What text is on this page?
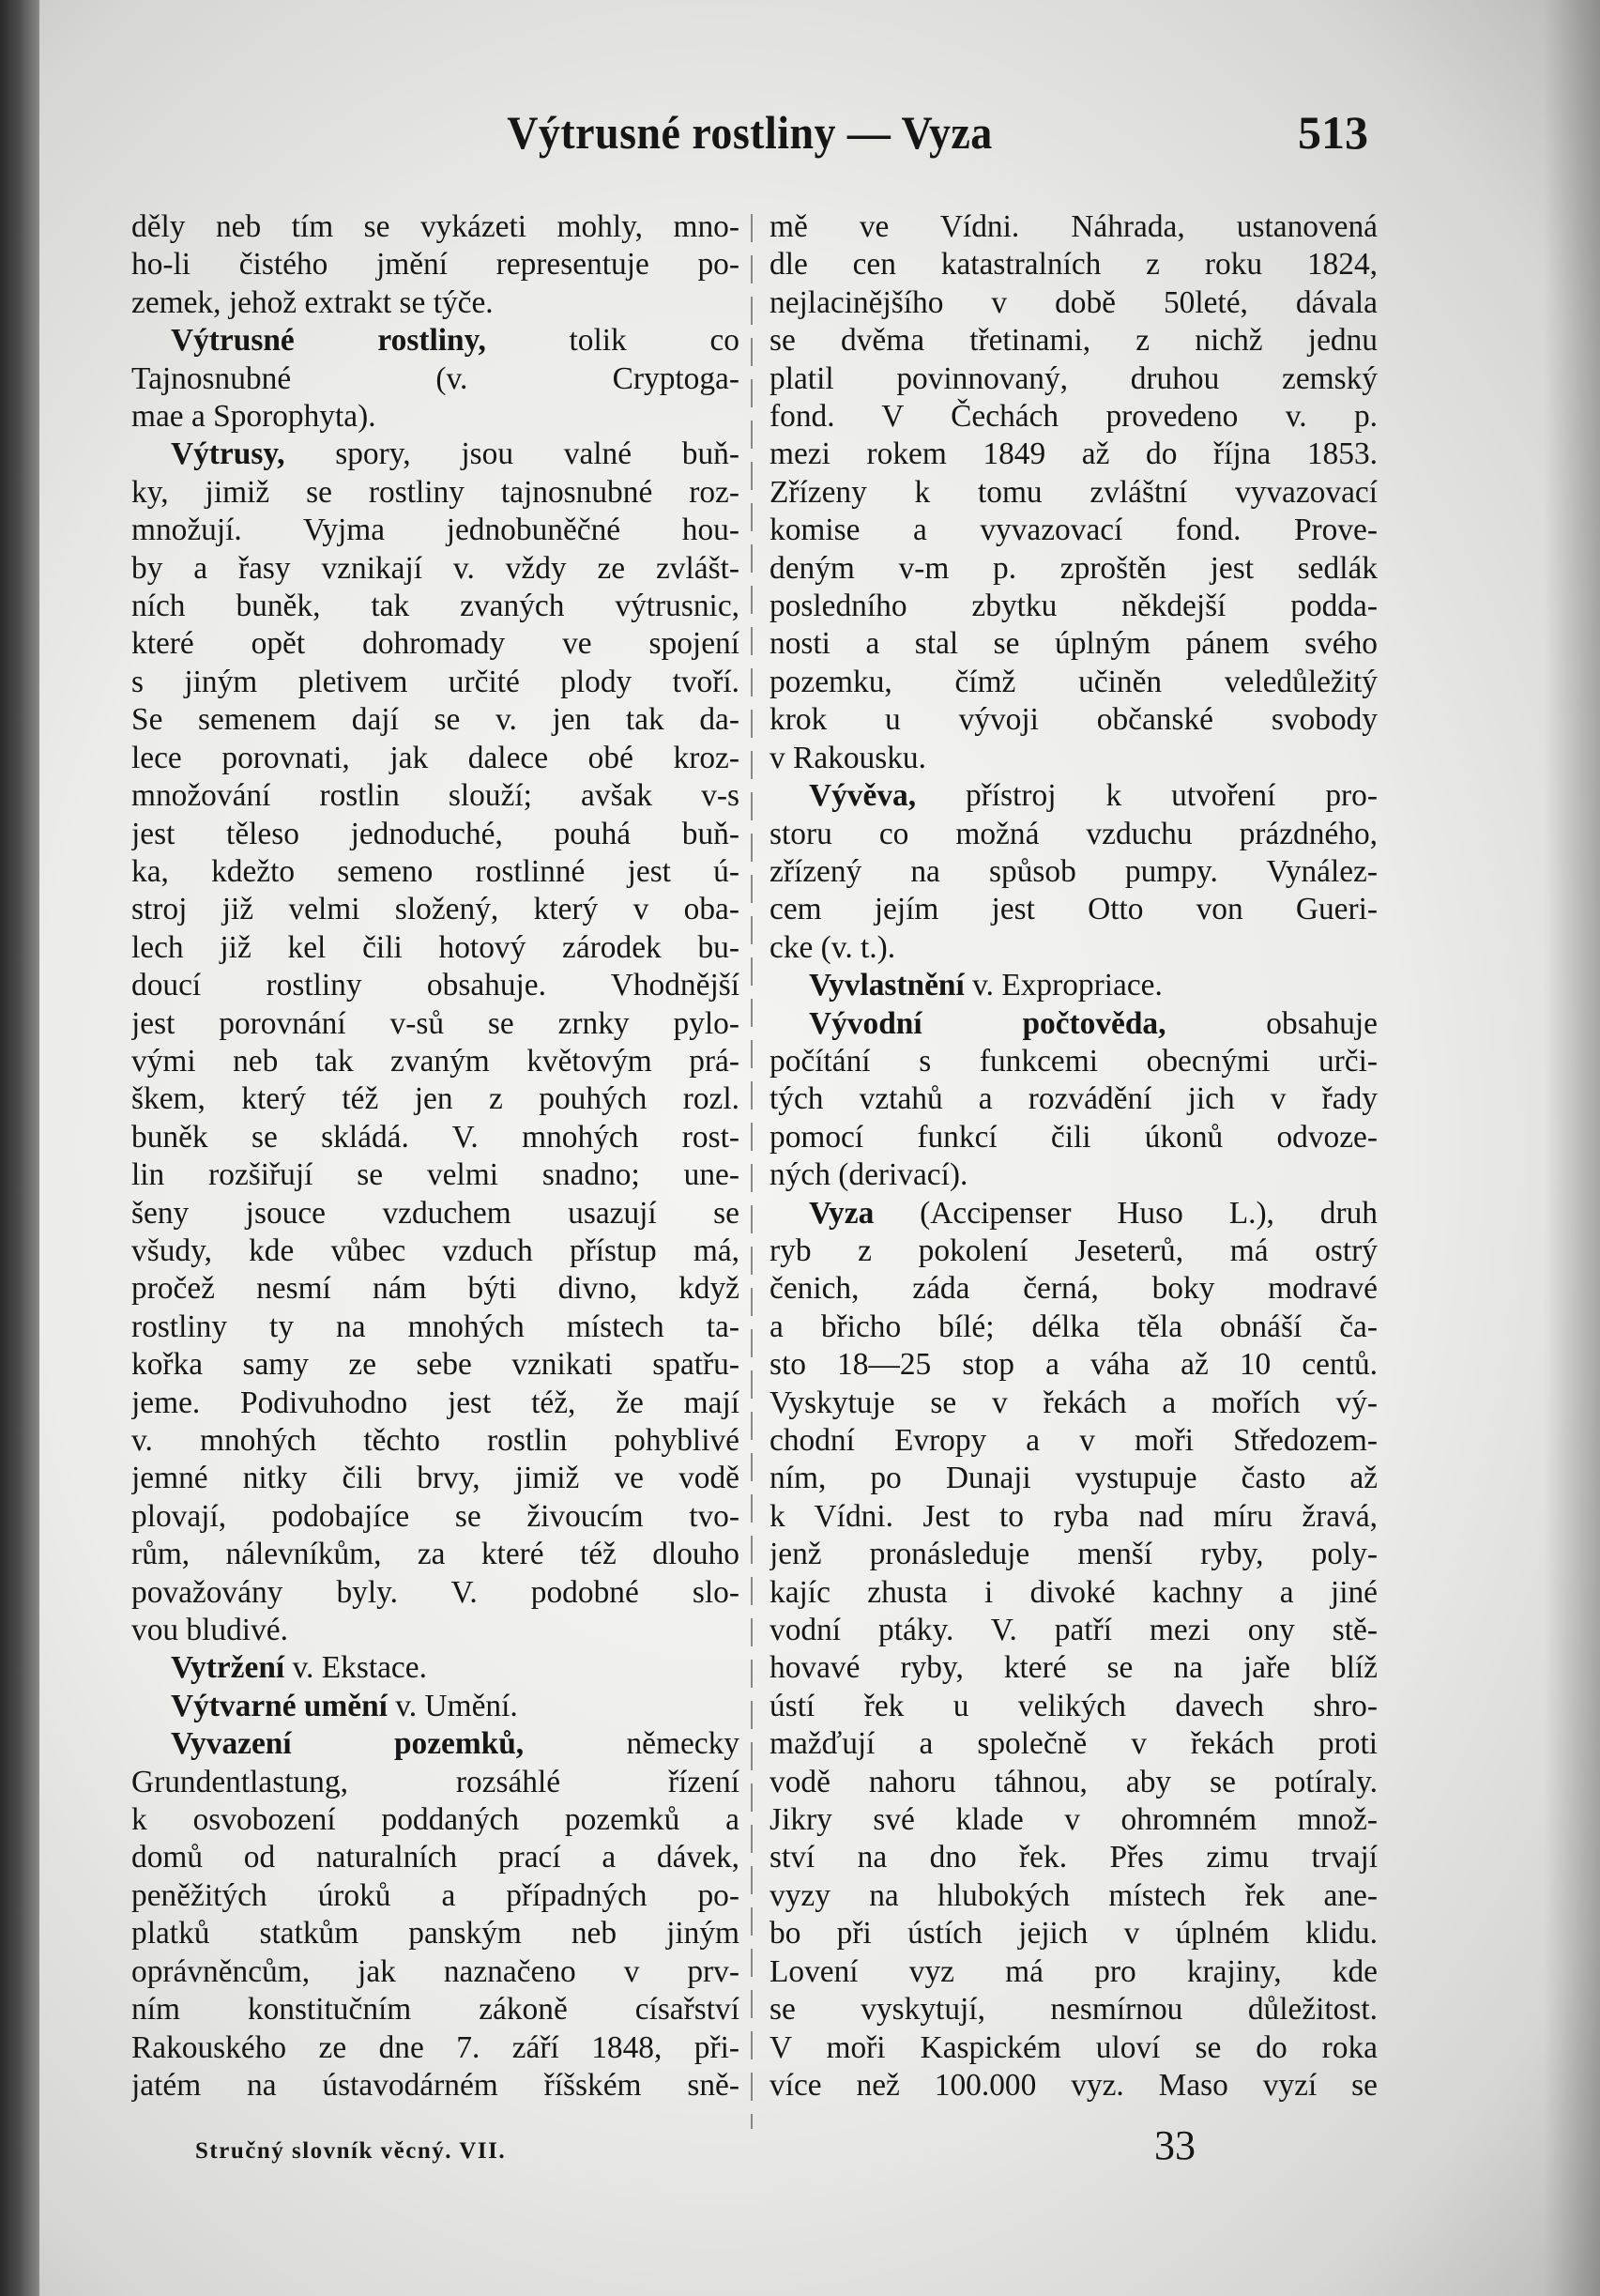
Výtrusné rostliny — Vyza	513
děly neb tím se vykázeti mohly, mno-
ho-li čistého jmění representuje po-
zemek, jehož extrakt se týče.
Výtrusné rostliny, tolik co
Tajnosnubné (v. Cryptoga-
mae a Sporophyta).
Výtrusy, spory, jsou valné buň-
ky, jimiž se rostliny tajnosnubné roz-
množují. Vyjma jednobuněčné hou-
by a řasy vznikají v. vždy ze zvlášt-
ních buněk, tak zvaných výtrusnic,
které opět dohromady ve spojení
s jiným pletivem určité plody tvoří.
Se semenem dají se v. jen tak da-
lece porovnati, jak dalece obé kroz-
množování rostlin slouží; avšak v-s
jest těleso jednoduché, pouhá buň-
ka, kdežto semeno rostlinné jest ú-
stroj již velmi složený, který v oba-
lech již kel čili hotový zárodek bu-
doucí rostliny obsahuje. Vhodnější
jest porovnání v-sů se zrnky pylo-
vými neb tak zvaným květovým prá-
škem, který též jen z pouhých rozl.
buněk se skládá. V. mnohých rost-
lin rozšiřují se velmi snadno; une-
šeny jsouce vzduchem usazují se
všudy, kde vůbec vzduch přístup má,
pročež nesmí nám býti divno, když
rostliny ty na mnohých místech ta-
kořka samy ze sebe vznikati spatřu-
jeme. Podivuhodno jest též, že mají
v. mnohých těchto rostlin pohyblivé
jemné nitky čili brvy, jimiž ve vodě
plovají, podobajíce se živoucím tvo-
rům, nálevníkům, za které též dlouho
považovány byly. V. podobné slo-
vou bludivé.
Vytržení v. Ekstace.
Výtvarné umění v. Umění.
Vyvazení pozemků, německy
Grundentlastung, rozsáhlé řízení
k osvobození poddaných pozemků a
domů od naturalních prací a dávek,
peněžitých úroků a případných po-
platků statkům panským neb jiným
oprávněncům, jak naznačeno v prv-
ním konstitučním zákoně císařství
Rakouského ze dne 7. září 1848, při-
jatém na ústavodárném říšském sně-
mě ve Vídni. Náhrada, ustanovená
dle cen katastralních z roku 1824,
nejlacinějšího v době 50leté, dávala
se dvěma třetinami, z nichž jednu
platil povinnovaný, druhou zemský
fond. V Čechách provedeno v. p.
mezi rokem 1849 až do října 1853.
Zřízeny k tomu zvláštní vyvazovací
komise a vyvazovací fond. Prove-
deným v-m p. zproštěn jest sedlák
posledního zbytku někdejší podda-
nosti a stal se úplným pánem svého
pozemku, čímž učiněn veledůležitý
krok u vývoji občanské svobody
v Rakousku.
Vývěva, přístroj k utvoření pro-
storu co možná vzduchu prázdného,
zřízený na spůsob pumpy. Vynález-
cem jejím jest Otto von Gueri-
cke (v. t.).
Vyvlastnění v. Expropriace.
Vývodní počtověda, obsahuje
počítání s funkcemi obecnými urči-
tých vztahů a rozvádění jich v řady
pomocí funkcí čili úkonů odvoze-
ných (derivací).
Vyza (Accipenser Huso L.), druh
ryb z pokolení Jeseterů, má ostrý
čenich, záda černá, boky modravé
a břicho bílé; délka těla obnáší ča-
sto 18—25 stop a váha až 10 centů.
Vyskytuje se v řekách a mořích vý-
chodní Evropy a v moři Středozem-
ním, po Dunaji vystupuje často až
k Vídni. Jest to ryba nad míru žravá,
jenž pronásleduje menší ryby, poly-
kajíc zhusta i divoké kachny a jiné
vodní ptáky. V. patří mezi ony stě-
hovavé ryby, které se na jaře blíž
ústí řek u velikých davech shro-
mažďují a společně v řekách proti
vodě nahoru táhnou, aby se potíraly.
Jikry své klade v ohromném množ-
ství na dno řek. Přes zimu trvají
vyzy na hlubokých místech řek ane-
bo při ústích jejich v úplném klidu.
Lovení vyz má pro krajiny, kde
se vyskytují, nesmírnou důležitost.
V moři Kaspickém uloví se do roka
více než 100.000 vyz. Maso vyzí se
Stručný slovník věcný. VII.	33
